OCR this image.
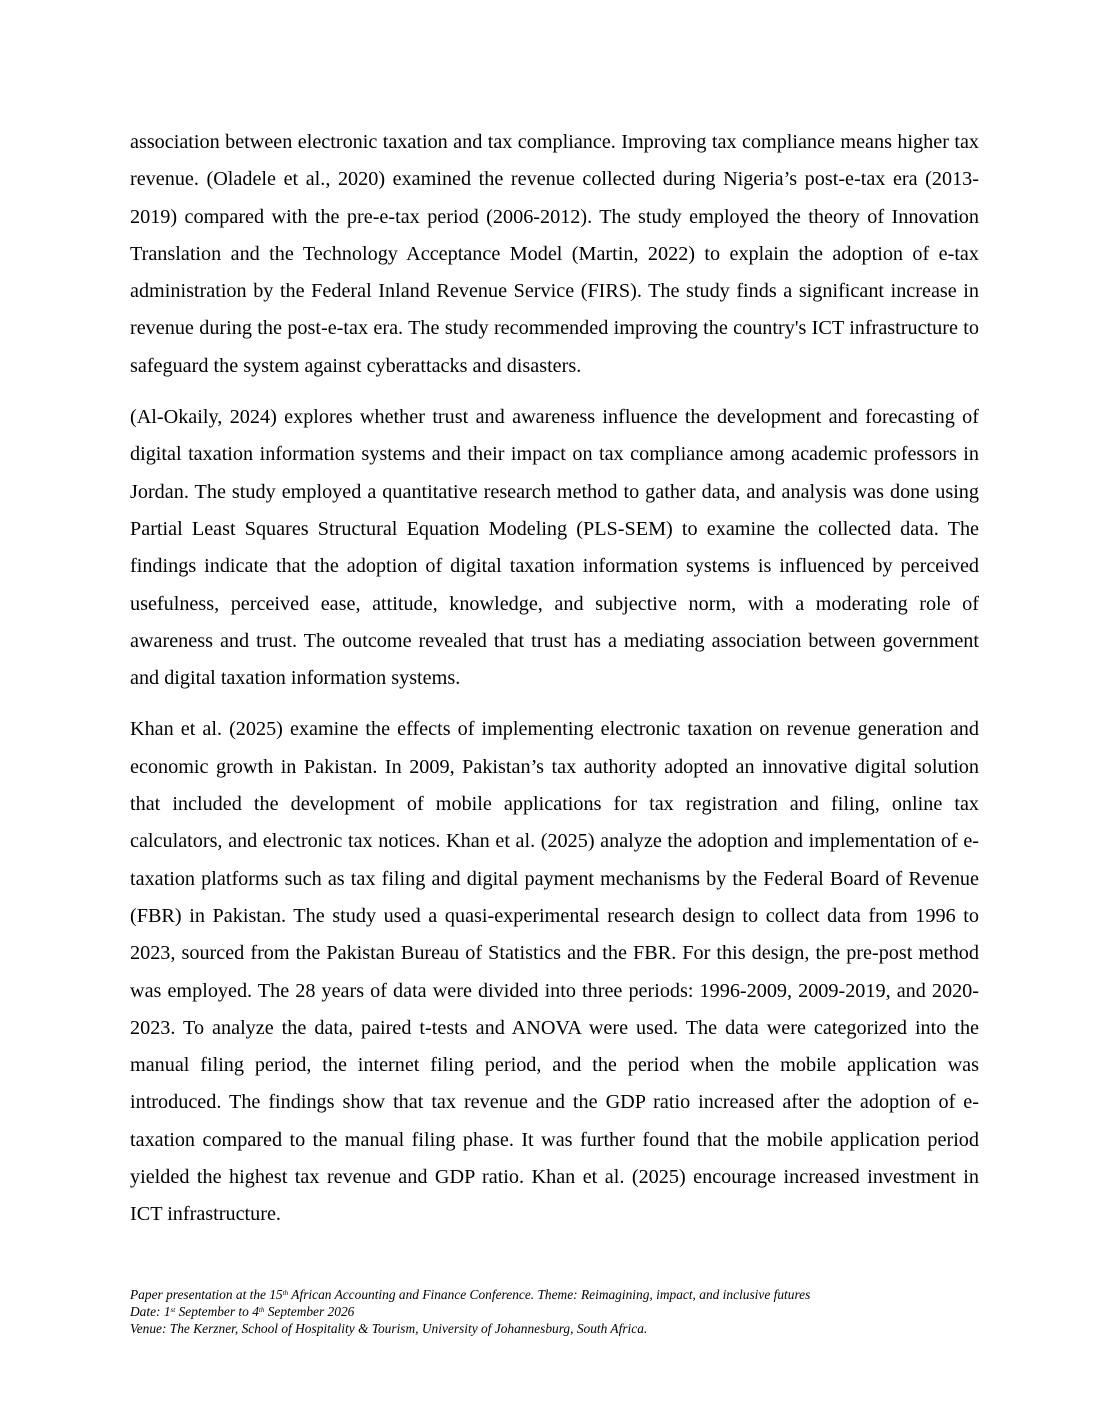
association between electronic taxation and tax compliance. Improving tax compliance means higher tax revenue. (Oladele et al., 2020) examined the revenue collected during Nigeria’s post-e-tax era (2013-2019) compared with the pre-e-tax period (2006-2012). The study employed the theory of Innovation Translation and the Technology Acceptance Model (Martin, 2022) to explain the adoption of e-tax administration by the Federal Inland Revenue Service (FIRS). The study finds a significant increase in revenue during the post-e-tax era. The study recommended improving the country's ICT infrastructure to safeguard the system against cyberattacks and disasters.

(Al-Okaily, 2024) explores whether trust and awareness influence the development and forecasting of digital taxation information systems and their impact on tax compliance among academic professors in Jordan. The study employed a quantitative research method to gather data, and analysis was done using Partial Least Squares Structural Equation Modeling (PLS-SEM) to examine the collected data. The findings indicate that the adoption of digital taxation information systems is influenced by perceived usefulness, perceived ease, attitude, knowledge, and subjective norm, with a moderating role of awareness and trust. The outcome revealed that trust has a mediating association between government and digital taxation information systems.

Khan et al. (2025) examine the effects of implementing electronic taxation on revenue generation and economic growth in Pakistan. In 2009, Pakistan’s tax authority adopted an innovative digital solution that included the development of mobile applications for tax registration and filing, online tax calculators, and electronic tax notices. Khan et al. (2025) analyze the adoption and implementation of e-taxation platforms such as tax filing and digital payment mechanisms by the Federal Board of Revenue (FBR) in Pakistan. The study used a quasi-experimental research design to collect data from 1996 to 2023, sourced from the Pakistan Bureau of Statistics and the FBR. For this design, the pre-post method was employed. The 28 years of data were divided into three periods: 1996-2009, 2009-2019, and 2020-2023. To analyze the data, paired t-tests and ANOVA were used. The data were categorized into the manual filing period, the internet filing period, and the period when the mobile application was introduced. The findings show that tax revenue and the GDP ratio increased after the adoption of e-taxation compared to the manual filing phase. It was further found that the mobile application period yielded the highest tax revenue and GDP ratio. Khan et al. (2025) encourage increased investment in ICT infrastructure.

Paper presentation at the 15th African Accounting and Finance Conference. Theme: Reimagining, impact, and inclusive futures
Date: 1st September to 4th September 2026
Venue: The Kerzner, School of Hospitality & Tourism, University of Johannesburg, South Africa.
